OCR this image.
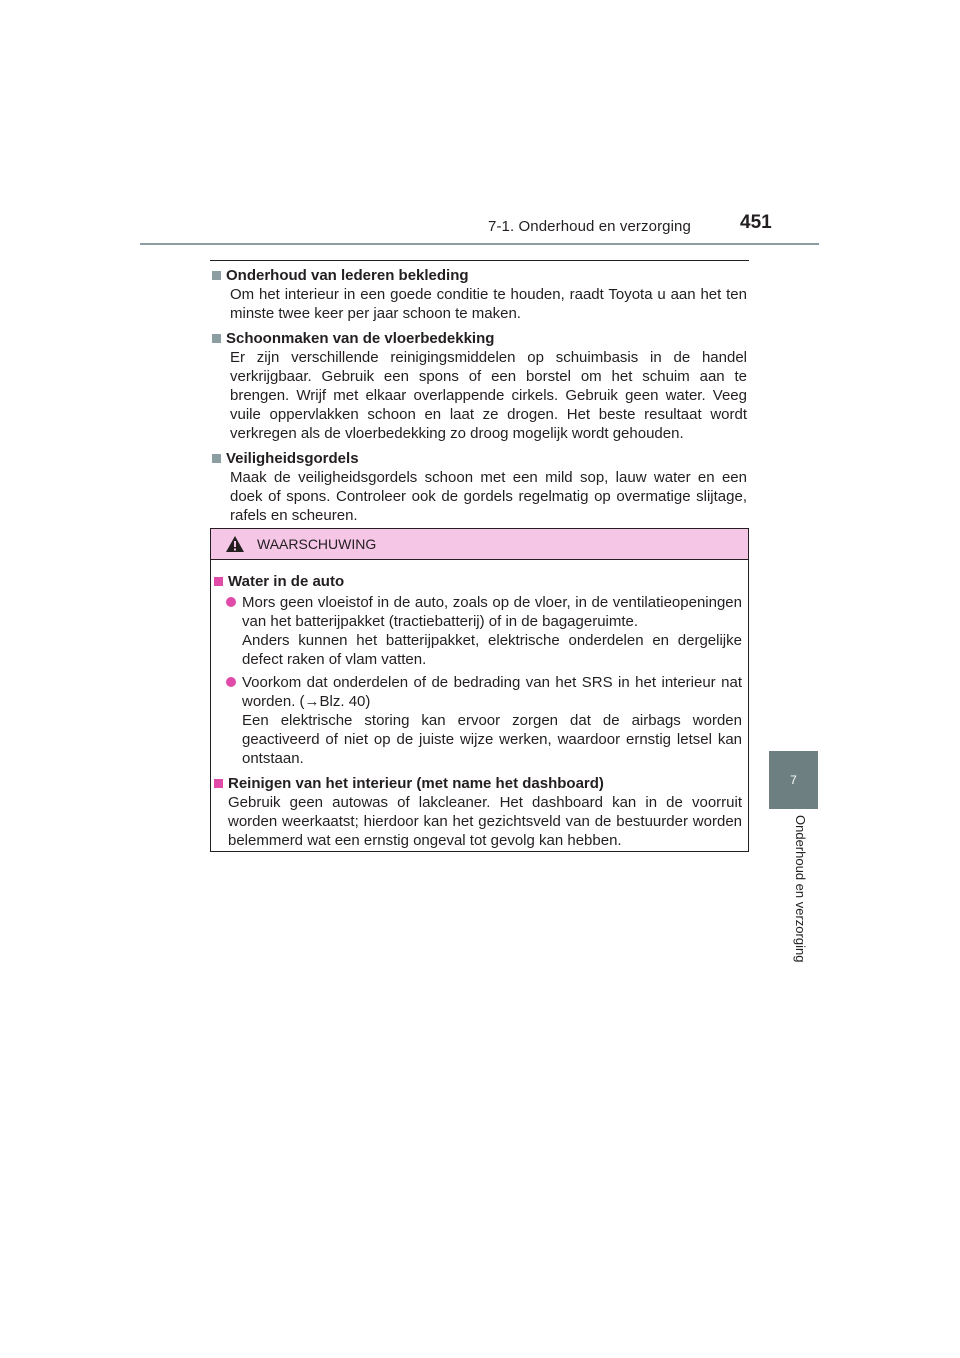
7-1. Onderhoud en verzorging	451
7
Onderhoud en verzorging
Onderhoud van lederen bekleding

Om het interieur in een goede conditie te houden, raadt Toyota u aan het ten minste twee keer per jaar schoon te maken.

Schoonmaken van de vloerbedekking

Er zijn verschillende reinigingsmiddelen op schuimbasis in de handel verkrijgbaar. Gebruik een spons of een borstel om het schuim aan te brengen. Wrijf met elkaar overlappende cirkels. Gebruik geen water. Veeg vuile oppervlakken schoon en laat ze drogen. Het beste resultaat wordt verkregen als de vloerbedekking zo droog mogelijk wordt gehouden.

Veiligheidsgordels

Maak de veiligheidsgordels schoon met een mild sop, lauw water en een doek of spons. Controleer ook de gordels regelmatig op overmatige slijtage, rafels en scheuren.

WAARSCHUWING
Water in de auto

Mors geen vloeistof in de auto, zoals op de vloer, in de ventilatieopeningen van het batterijpakket (tractiebatterij) of in de bagageruimte.

Anders kunnen het batterijpakket, elektrische onderdelen en dergelijke defect raken of vlam vatten.

Voorkom dat onderdelen of de bedrading van het SRS in het interieur nat worden. (→Blz. 40)

Een elektrische storing kan ervoor zorgen dat de airbags worden geactiveerd of niet op de juiste wijze werken, waardoor ernstig letsel kan ontstaan.

Reinigen van het interieur (met name het dashboard)

Gebruik geen autowas of lakcleaner. Het dashboard kan in de voorruit worden weerkaatst; hierdoor kan het gezichtsveld van de bestuurder worden belemmerd wat een ernstig ongeval tot gevolg kan hebben.
